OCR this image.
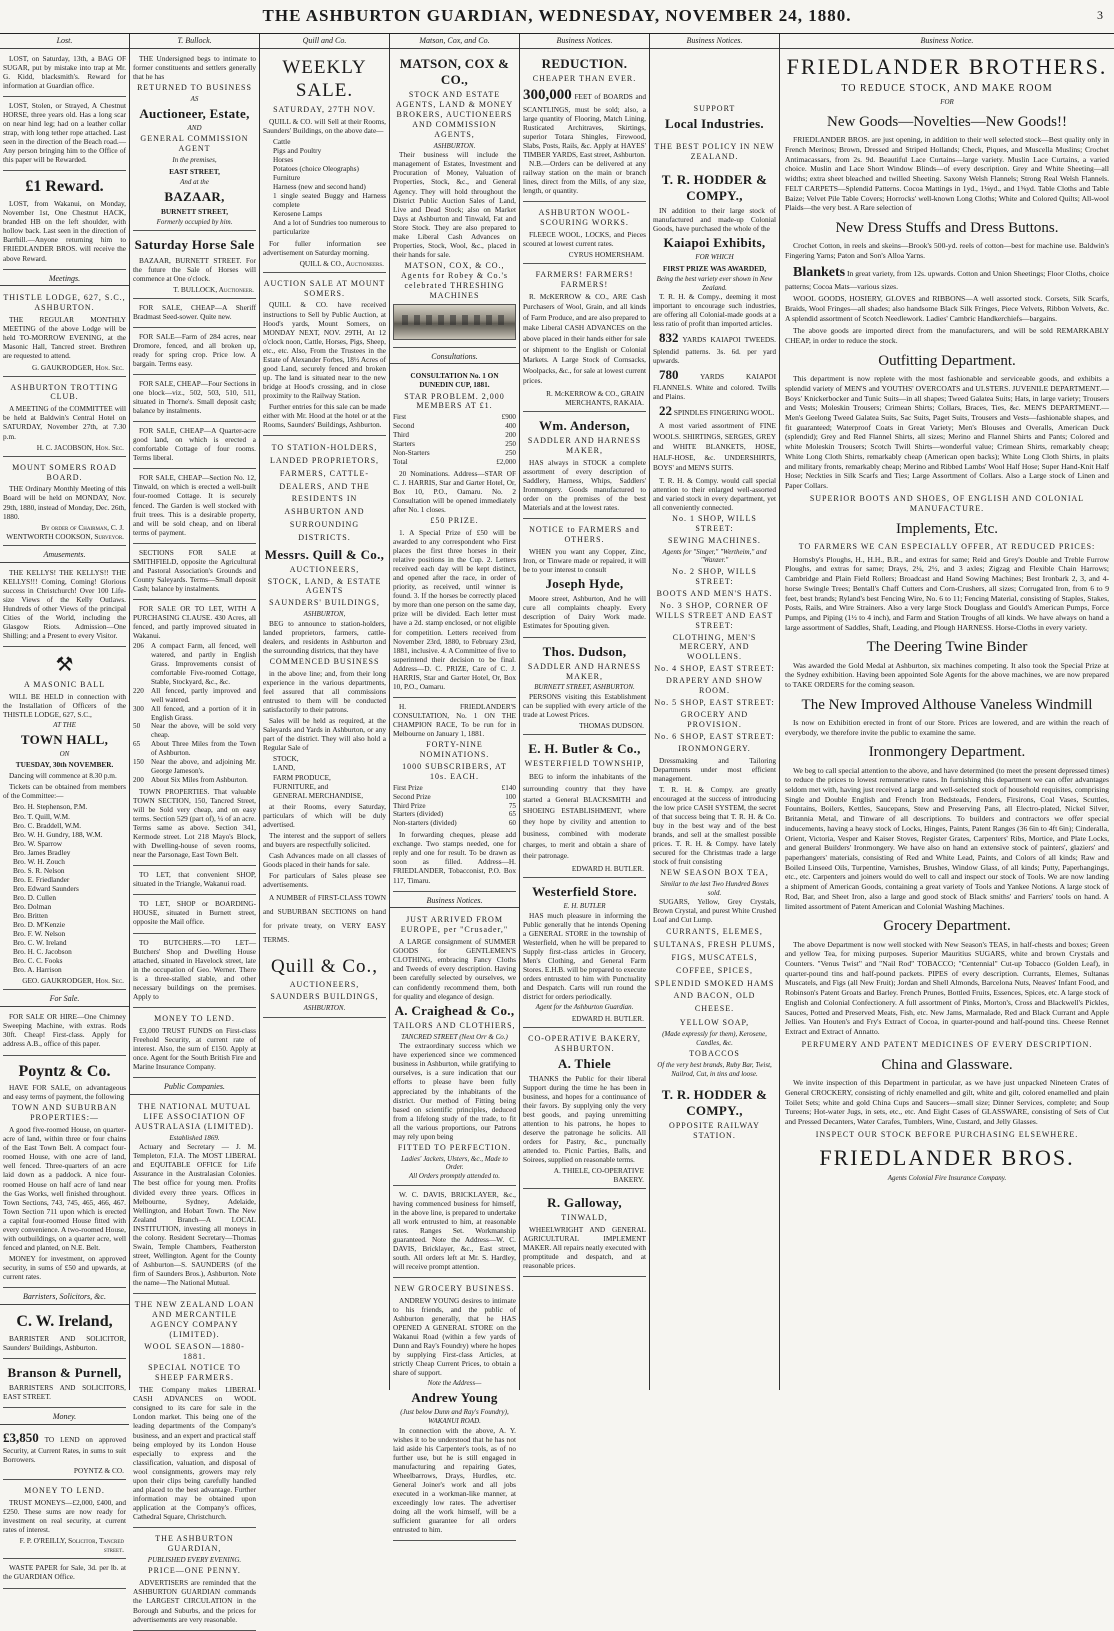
THE ASHBURTON GUARDIAN, WEDNESDAY, NOVEMBER 24, 1880.	3
Lost.

LOST, on Saturday, 13th, a BAG OF SUGAR, put by mistake into trap at Mr. G. Kidd, blacksmith's. Reward for information at Guardian office.

LOST, Stolen, or Strayed, A Chestnut HORSE, three years old. Has a long scar on near hind leg; had on a leather collar strap, with long tether rope attached. Last seen in the direction of the Beach road.—Any person bringing him to the Office of this paper will be Rewarded.

£1 Reward.

LOST, from Wakanui, on Monday, November 1st, One Chestnut HACK, branded HB on the left shoulder, with hollow back. Last seen in the direction of Barrhill.—Anyone returning him to FRIEDLANDER BROS. will receive the above Reward.

Meetings.
THISTLE LODGE, 627, S.C., ASHBURTON.

THE REGULAR MONTHLY MEETING of the above Lodge will be held TO-MORROW EVENING, at the Masonic Hall, Tancred street. Brethren are requested to attend.

G. GAUKRODGER, Hon. Sec.
ASHBURTON TROTTING CLUB.

A MEETING of the COMMITTEE will be held at Baldwin's Central Hotel on SATURDAY, November 27th, at 7.30 p.m.

H. C. JACOBSON, Hon. Sec.
MOUNT SOMERS ROAD BOARD.

THE Ordinary Monthly Meeting of this Board will be held on MONDAY, Nov. 29th, 1880, instead of Monday, Dec. 26th, 1880.

By order of Chairman, C. J. WENTWORTH COOKSON, Surveyor.
Amusements.

THE KELLYS! THE KELLYS!! THE KELLYS!!! Coming, Coming! Glorious success in Christchurch! Over 100 Life-size Views of the Kelly Outlaws. Hundreds of other Views of the principal Cities of the World, including the Glasgow Riots. Admission—One Shilling; and a Present to every Visitor.

⚒
A MASONIC BALL

WILL BE HELD in connection with the Installation of Officers of the THISTLE LODGE, 627, S.C.,

AT THE
TOWN HALL,
ON
TUESDAY, 30th NOVEMBER.

Dancing will commence at 8.30 p.m.

Tickets can be obtained from members of the Committee:—

Bro. H. Stephenson, P.M.
Bro. T. Quill, W.M.
Bro. C. Braddell, W.M.
Bro. W. H. Gundry, 188, W.M.
Bro. W. Sparrow
Bro. James Bradley
Bro. W. H. Zouch
Bro. S. R. Nelson
Bro. E. Friedlander
Bro. Edward Saunders
Bro. D. Cullen
Bro. Dolman
Bro. Britten
Bro. D. M'Kenzie
Bro. F. W. Nelson
Bro. C. W. Ireland
Bro. H. C. Jacobson
Bro. C. C. Fooks
Bro. A. Harrison
GEO. GAUKRODGER, Hon. Sec.
For Sale.

FOR SALE OR HIRE—One Chimney Sweeping Machine, with extras. Rods 30ft. Cheap! First-class. Apply for address A.B., office of this paper.

Poyntz & Co.

HAVE FOR SALE, on advantageous and easy terms of payment, the following

TOWN AND SUBURBAN PROPERTIES:—

A good five-roomed House, on quarter-acre of land, within three or four chains of the East Town Belt. A compact four-roomed House, with one acre of land, well fenced. Three-quarters of an acre laid down as a paddock. A nice four-roomed House on half acre of land near the Gas Works, well finished throughout. Town Sections, 743, 745, 465, 466, 467. Town Section 711 upon which is erected a capital four-roomed House fitted with every convenience. A two-roomed House, with outbuildings, on a quarter acre, well fenced and planted, on N.E. Belt.

MONEY for investment, on approved security, in sums of £50 and upwards, at current rates.

Barristers, Solicitors, &c.
C. W. Ireland,

BARRISTER AND SOLICITOR, Saunders' Buildings, Ashburton.

Branson & Purnell,

BARRISTERS AND SOLICITORS, EAST STREET.

Money.
£3,850 TO LEND on approved Security, at Current Rates, in sums to suit Borrowers.
POYNTZ & CO.
MONEY TO LEND.

TRUST MONEYS—£2,000, £400, and £250. These sums are now ready for investment on real security, at current rates of interest.

F. P. O'REILLY, Solicitor, Tancred street.

WASTE PAPER for Sale, 3d. per lb. at the GUARDIAN Office.

T. Bullock.

THE Undersigned begs to intimate to former constituents and settlers generally that he has

RETURNED TO BUSINESS
AS
Auctioneer, Estate,
AND
GENERAL COMMISSION AGENT
In the premises,
EAST STREET,
And at the
BAZAAR,
BURNETT STREET,
Formerly occupied by him.
Saturday Horse Sale

BAZAAR, BURNETT STREET. For the future the Sale of Horses will commence at One o'clock.

T. BULLOCK, Auctioneer.

FOR SALE, CHEAP—A Sheriff Bradmast Seed-sower. Quite new.

FOR SALE—Farm of 284 acres, near Dromore, fenced, and all broken up, ready for spring crop. Price low. A bargain. Terms easy.

FOR SALE, CHEAP—Four Sections in one block—viz., 502, 503, 510, 511, situated in Thorne's. Small deposit cash; balance by instalments.

FOR SALE, CHEAP—A Quarter-acre good land, on which is erected a comfortable Cottage of four rooms. Terms liberal.

FOR SALE, CHEAP—Section No. 12, Tinwald, on which is erected a well-built four-roomed Cottage. It is securely fenced. The Garden is well stocked with fruit trees. This is a desirable property, and will be sold cheap, and on liberal terms of payment.

SECTIONS FOR SALE at SMITHFIELD, opposite the Agricultural and Pastoral Association's Grounds and County Saleyards. Terms—Small deposit Cash; balance by instalments.

FOR SALE OR TO LET, WITH A PURCHASING CLAUSE. 430 Acres, all fenced, and partly improved situated in Wakanui.

206	A compact Farm, all fenced, well watered, and partly in English Grass. Improvements consist of comfortable Five-roomed Cottage, Stable, Stockyard, &c., &c.
220	All fenced, partly improved and well watered.
300	All fenced, and a portion of it in English Grass.
50	Near the above, will be sold very cheap.
65	About Three Miles from the Town of Ashburton.
150	Near the above, and adjoining Mr. George Jameson's.
200	About Six Miles from Ashburton.

TOWN PROPERTIES. That valuable TOWN SECTION, 150, Tancred Street, will be Sold very cheap, and on easy terms. Section 529 (part of), ¼ of an acre. Terms same as above. Section 341, Kermode street. Lot 218 Mayo's Block, with Dwelling-house of seven rooms, near the Parsonage, East Town Belt.

TO LET, that convenient SHOP, situated in the Triangle, Wakanui road.

TO LET, SHOP or BOARDING-HOUSE, situated in Burnett street, opposite the Mail office.

TO BUTCHERS.—TO LET—Butchers' Shop and Dwelling House attached, situated in Havelock street, late in the occupation of Geo. Werner. There is a three-stalled stable, and other necessary buildings on the premises. Apply to

MONEY TO LEND.

£3,000 TRUST FUNDS on First-class Freehold Security, at current rate of interest. Also, the sum of £150. Apply at once. Agent for the South British Fire and Marine Insurance Company.

Public Companies.
THE NATIONAL MUTUAL LIFE ASSOCIATION OF AUSTRALASIA (LIMITED).
Established 1869.

Actuary and Secretary — J. M. Templeton, F.I.A. The MOST LIBERAL and EQUITABLE OFFICE for Life Assurance in the Australasian Colonies. The best office for young men. Profits divided every three years. Offices in Melbourne, Sydney, Adelaide, Wellington, and Hobart Town. The New Zealand Branch—A LOCAL INSTITUTION, investing all moneys in the colony. Resident Secretary—Thomas Swain, Temple Chambers, Featherston street, Wellington. Agent for the County of Ashburton—S. SAUNDERS (of the firm of Saunders Bros.), Ashburton. Note the name—The National Mutual.

THE NEW ZEALAND LOAN AND MERCANTILE AGENCY COMPANY (LIMITED).
WOOL SEASON—1880-1881.
SPECIAL NOTICE TO SHEEP FARMERS.

THE Company makes LIBERAL CASH ADVANCES on WOOL consigned to its care for sale in the London market. This being one of the leading departments of the Company's business, and an expert and practical staff being employed by its London House especially to express and the classification, valuation, and disposal of wool consignments, growers may rely upon their clips being carefully handled and placed to the best advantage. Further information may be obtained upon application at the Company's offices, Cathedral Square, Christchurch.

THE ASHBURTON GUARDIAN,
PUBLISHED EVERY EVENING.
PRICE—ONE PENNY.

ADVERTISERS are reminded that the ASHBURTON GUARDIAN commands the LARGEST CIRCULATION in the Borough and Suburbs, and the prices for advertisements are very reasonable.

Quill and Co.
WEEKLY SALE.
SATURDAY, 27TH NOV.

QUILL & CO. will Sell at their Rooms, Saunders' Buildings, on the above date—

Cattle
Pigs and Poultry
Horses
Potatoes (choice Oleographs)
Furniture
Harness (new and second hand)
1 single seated Buggy and Harness complete
Kerosene Lamps
And a lot of Sundries too numerous to particularize

For fuller information see advertisement on Saturday morning.

QUILL & CO., Auctioneers.
AUCTION SALE AT MOUNT SOMERS.

QUILL & CO. have received instructions to Sell by Public Auction, at Hood's yards, Mount Somers, on MONDAY NEXT, NOV. 29TH, At 12 o'clock noon, Cattle, Horses, Pigs, Sheep, etc., etc. Also, From the Trustees in the Estate of Alexander Forbes, 18½ Acres of good Land, securely fenced and broken up. The land is situated near to the new bridge at Hood's crossing, and in close proximity to the Railway Station.

Further entries for this sale can be made either with Mr. Hood at the hotel or at the Rooms, Saunders' Buildings, Ashburton.

TO STATION-HOLDERS, LANDED PROPRIETORS, FARMERS, CATTLE-DEALERS, AND THE RESIDENTS IN ASHBURTON AND SURROUNDING DISTRICTS.
Messrs. Quill & Co.,
AUCTIONEERS,
STOCK, LAND, & ESTATE AGENTS
SAUNDERS' BUILDINGS,
ASHBURTON,

BEG to announce to station-holders, landed proprietors, farmers, cattle-dealers, and residents in Ashburton and the surrounding districts, that they have

COMMENCED BUSINESS

in the above line; and, from their long experience in the various departments, feel assured that all commissions entrusted to them will be conducted satisfactorily to their patrons.

Sales will be held as required, at the Saleyards and Yards in Ashburton, or any part of the district. They will also hold a Regular Sale of

STOCK,
LAND,
FARM PRODUCE,
FURNITURE, and
GENERAL MERCHANDISE,

at their Rooms, every Saturday, particulars of which will be duly advertised.

The interest and the support of sellers and buyers are respectfully solicited.

Cash Advances made on all classes of Goods placed in their hands for sale.

For particulars of Sales please see advertisements.

A NUMBER of FIRST-CLASS TOWN and SUBURBAN SECTIONS on hand for private treaty, on VERY EASY TERMS.

Quill & Co.,
AUCTIONEERS,
SAUNDERS BUILDINGS,
ASHBURTON.
Matson, Cox, and Co.
MATSON, COX & CO.,
STOCK AND ESTATE AGENTS, LAND & MONEY BROKERS, AUCTIONEERS AND COMMISSION AGENTS,
ASHBURTON.

Their business will include the management of Estates, Investment and Procuration of Money, Valuation of Properties, Stock, &c., and General Agency. They will hold throughout the District Public Auction Sales of Land, Live and Dead Stock; also on Market Days at Ashburton and Tinwald, Fat and Store Stock. They are also prepared to make Liberal Cash Advances on Properties, Stock, Wool, &c., placed in their hands for sale.

MATSON, COX, & CO., Agents for Robey & Co.'s celebrated THRESHING MACHINES
Consultations.
CONSULTATION No. 1 ON DUNEDIN CUP, 1881.
STAR PROBLEM. 2,000 MEMBERS AT £1.
First	£900
Second	400
Third	200
Starters	250
Non-Starters	250
Total	£2,000

20 Nominations. Address—STAR OF C. J. HARRIS, Star and Garter Hotel, Or, Box 10, P.O., Oamaru. No. 2 Consultation will be opened immediately after No. 1 closes.

£50 PRIZE.

1. A Special Prize of £50 will be awarded to any correspondent who First places the first three horses in their relative positions in the Cup. 2. Letters received each day will be kept distinct, and opened after the race, in order of priority, as received, until winner is found. 3. If the horses be correctly placed by more than one person on the same day, prize will be divided. Each letter must have a 2d. stamp enclosed, or not eligible for competition. Letters received from November 23rd, 1880, to February 23rd, 1881, inclusive. 4. A Committee of five to superintend their decision to be final. Address—D. C. PRIZE, Care of C. J. HARRIS, Star and Garter Hotel, Or, Box 10, P.O., Oamaru.

H. FRIEDLANDER'S CONSULTATION, No. 1 ON THE CHAMPION RACE, To be run for in Melbourne on January 1, 1881.

FORTY-NINE NOMINATIONS.
1000 SUBSCRIBERS, AT 10s. EACH.
First Prize	£140
Second Prize	100
Third Prize	75
Starters (divided)	65
Non-starters (divided)	60

In forwarding cheques, please add exchange. Two stamps needed, one for reply and one for result. To be drawn as soon as filled. Address—H. FRIEDLANDER, Tobacconist, P.O. Box 117, Timaru.

Business Notices.
JUST ARRIVED FROM EUROPE, per "Crusader,"

A LARGE consignment of SUMMER GOODS for GENTLEMEN'S CLOTHING, embracing Fancy Cloths and Tweeds of every description. Having been carefully selected by ourselves, we can confidently recommend them, both for quality and elegance of design.

A. Craighead & Co.,
TAILORS AND CLOTHIERS,
TANCRED STREET (Next Orr & Co.)

The extraordinary success which we have experienced since we commenced business in Ashburton, while gratifying to ourselves, is a sure indication that our efforts to please have been fully appreciated by the inhabitants of the district. Our method of Fitting being based on scientific principles, deduced from a lifelong study of the trade, to fit all the various proportions, our Patrons may rely upon being

FITTED TO PERFECTION.
Ladies' Jackets, Ulsters, &c., Made to Order.
All Orders promptly attended to.

W. C. DAVIS, BRICKLAYER, &c., having commenced business for himself, in the above line, is prepared to undertake all work entrusted to him, at reasonable rates. Ranges Set. Workmanship guaranteed. Note the Address—W. C. DAVIS, Bricklayer, &c., East street, south. All orders left at Mr. S. Hardley, will receive prompt attention.

NEW GROCERY BUSINESS.

ANDREW YOUNG desires to intimate to his friends, and the public of Ashburton generally, that he HAS OPENED A GENERAL STORE on the Wakanui Road (within a few yards of Dunn and Ray's Foundry) where he hopes by supplying First-class Articles, at strictly Cheap Current Prices, to obtain a share of support.

Note the Address—
Andrew Young
(Just below Dunn and Ray's Foundry), WAKANUI ROAD.

In connection with the above, A. Y. wishes it to be understood that he has not laid aside his Carpenter's tools, as of no further use, but he is still engaged in manufacturing and repairing Gates, Wheelbarrows, Drays, Hurdles, etc. General Joiner's work and all jobs executed in a workman-like manner, at exceedingly low rates. The advertiser doing all the work himself, will be a sufficient guarantee for all orders entrusted to him.

Business Notices.
REDUCTION.
CHEAPER THAN EVER.
300,000 FEET of BOARDS and SCANTLINGS, must be sold; also, a large quantity of Flooring, Match Lining, Rusticated Architraves, Skirtings, superior Totara Shingles, Firewood, Slabs, Posts, Rails, &c. Apply at HAYES' TIMBER YARDS, East street, Ashburton.

N.B.—Orders can be delivered at any railway station on the main or branch lines, direct from the Mills, of any size, length, or quantity.

ASHBURTON WOOL-SCOURING WORKS.

FLEECE WOOL, LOCKS, and Pieces scoured at lowest current rates.

CYRUS HOMERSHAM.
FARMERS! FARMERS! FARMERS!

R. McKERROW & CO., ARE Cash Purchasers of Wool, Grain, and all kinds of Farm Produce, and are also prepared to make Liberal CASH ADVANCES on the above placed in their hands either for sale or shipment to the English or Colonial Markets. A Large Stock of Cornsacks, Woolpacks, &c., for sale at lowest current prices.

R. McKERROW & CO., GRAIN MERCHANTS, RAKAIA.
Wm. Anderson,
SADDLER AND HARNESS MAKER,

HAS always in STOCK a complete assortment of every description of Saddlery, Harness, Whips, Saddlers' Ironmongery. Goods manufactured to order on the premises of the best Materials and at the lowest rates.

NOTICE to FARMERS and OTHERS.

WHEN you want any Copper, Zinc, Iron, or Tinware made or repaired, it will be to your interest to consult

Joseph Hyde,

Moore street, Ashburton, And he will cure all complaints cheaply. Every description of Dairy Work made. Estimates for Spouting given.

Thos. Dudson,
SADDLER AND HARNESS MAKER,
BURNETT STREET, ASHBURTON.

PERSONS visiting this Establishment can be supplied with every article of the trade at Lowest Prices.

THOMAS DUDSON.
E. H. Butler & Co.,
WESTERFIELD TOWNSHIP,

BEG to inform the inhabitants of the surrounding country that they have started a General BLACKSMITH and SHOEING ESTABLISHMENT, where they hope by civility and attention to business, combined with moderate charges, to merit and obtain a share of their patronage.

EDWARD H. BUTLER.
Westerfield Store.
E. H. BUTLER

HAS much pleasure in informing the Public generally that he intends Opening a GENERAL STORE in the township of Westerfield, when he will be prepared to Supply first-class articles in Grocery, Men's Clothing, and General Farm Stores. E.H.B. will be prepared to execute orders entrusted to him with Punctuality and Despatch. Carts will run round the district for orders periodically.

Agent for the Ashburton Guardian.
EDWARD H. BUTLER.
CO-OPERATIVE BAKERY, ASHBURTON.
A. Thiele

THANKS the Public for their liberal Support during the time he has been in business, and hopes for a continuance of their favors. By supplying only the very best goods, and paying unremitting attention to his patrons, he hopes to deserve the patronage he solicits. All orders for Pastry, &c., punctually attended to. Picnic Parties, Balls, and Soirees, supplied on reasonable terms.

A. THIELE, CO-OPERATIVE BAKERY.
R. Galloway,
TINWALD,

WHEELWRIGHT AND GENERAL AGRICULTURAL IMPLEMENT MAKER. All repairs neatly executed with promptitude and despatch, and at reasonable prices.

Business Notices.
SUPPORT
Local Industries.
THE BEST POLICY IN NEW ZEALAND.
T. R. HODDER & COMPY.,

IN addition to their large stock of manufactured and made-up Colonial Goods, have purchased the whole of the

Kaiapoi Exhibits,
FOR WHICH
FIRST PRIZE WAS AWARDED,
Being the best variety ever shown in New Zealand.

T. R. H. & Compy., deeming it most important to encourage such industries, are offering all Colonial-made goods at a less ratio of profit than imported articles.

832 YARDS KAIAPOI TWEEDS. Splendid patterns. 3s. 6d. per yard upwards.

780	YARDS KAIAPOI FLANNELS. White and colored. Twills and Plains.

22 SPINDLES FINGERING WOOL.

A most varied assortment of FINE WOOLS. SHIRTINGS, SERGES, GREY and WHITE BLANKETS, HOSE, HALF-HOSE, &c. UNDERSHIRTS, BOYS' and MEN'S SUITS.

T. R. H. & Compy. would call special attention to their enlarged well-assorted and varied stock in every department, yet all conveniently connected.

No. 1 SHOP, WILLS STREET:
SEWING MACHINES.
Agents for "Singer," "Wertheim," and "Wanzer."
No. 2 SHOP, WILLS STREET:
BOOTS AND MEN'S HATS.
No. 3 SHOP, CORNER OF WILLS STREET AND EAST STREET:
CLOTHING, MEN'S MERCERY, AND WOOLLENS.
No. 4 SHOP, EAST STREET:
DRAPERY AND SHOW ROOM.
No. 5 SHOP, EAST STREET:
GROCERY AND PROVISION.
No. 6 SHOP, EAST STREET:
IRONMONGERY.

Dressmaking and Tailoring Departments under most efficient management.

T. R. H. & Compy. are greatly encouraged at the success of introducing the low price CASH SYSTEM, the secret of that success being that T. R. H. & Co. buy in the best way and of the best brands, and sell at the smallest possible prices. T. R. H. & Compy. have lately secured for the Christmas trade a large stock of fruit consisting

NEW SEASON BOX TEA,
Similar to the last Two Hundred Boxes sold.

SUGARS, Yellow, Grey Crystals, Brown Crystal, and purest White Crushed Loaf and Cut Lump.

CURRANTS, ELEMES, SULTANAS, FRESH PLUMS, FIGS, MUSCATELS, COFFEE, SPICES, SPLENDID SMOKED HAMS AND BACON, OLD CHEESE.
YELLOW SOAP,
(Made expressly for them), Kerosene, Candles, &c.
TOBACCOS
Of the very best brands, Ruby Bar, Twist, Nailrod, Cut, in tins and loose.
T. R. HODDER & COMPY.,
OPPOSITE RAILWAY STATION.
Business Notice.
FRIEDLANDER BROTHERS.
TO REDUCE STOCK, AND MAKE ROOM
FOR
New Goods—Novelties—New Goods!!

FRIEDLANDER BROS. are just opening, in addition to their well selected stock—Best quality only in French Merinos; Brown, Dressed and Striped Hollands; Check, Piques, and Muscella Muslins; Crochet Antimacassars, from 2s. 9d. Beautiful Lace Curtains—large variety. Muslin Lace Curtains, a varied choice. Muslin and Lace Short Window Blinds—of every description. Grey and White Sheeting—all widths; extra sheet bleached and twilled Sheeting. Saxony Welsh Flannels; Strong Real Welsh Flannels. FELT CARPETS—Splendid Patterns. Cocoa Mattings in 1yd., 1⅛yd., and 1⅝yd. Table Cloths and Table Baize; Velvet Pile Table Covers; Horrocks' well-known Long Cloths; White and Colored Quilts; All-wool Plaids—the very best. A Rare selection of

New Dress Stuffs and Dress Buttons.

Crochet Cotton, in reels and skeins—Brook's 500-yd. reels of cotton—best for machine use. Baldwin's Fingering Yarns; Paton and Son's Alloa Yarns.

Blankets In great variety, from 12s. upwards. Cotton and Union Sheetings; Floor Cloths, choice patterns; Cocoa Mats—various sizes.

WOOL GOODS, HOSIERY, GLOVES and RIBBONS—A well assorted stock. Corsets, Silk Scarfs, Braids, Wool Fringes—all shades; also handsome Black Silk Fringes, Piece Velvets, Ribbon Velvets, &c. A splendid assortment of Scotch Needlework. Ladies' Cambric Handkerchiefs—bargains.

The above goods are imported direct from the manufacturers, and will be sold REMARKABLY CHEAP, in order to reduce the stock.

Outfitting Department.

This department is now replete with the most fashionable and serviceable goods, and exhibits a splendid variety of MEN'S and YOUTHS' OVERCOATS and ULSTERS. JUVENILE DEPARTMENT.—Boys' Knickerbocker and Tunic Suits—in all shapes; Tweed Galatea Suits; Hats, in large variety; Trousers and Vests; Moleskin Trousers; Crimean Shirts; Collars, Braces, Ties, &c. MEN'S DEPARTMENT.—Men's Geelong Tweed Galatea Suits, Sac Suits, Paget Suits, Trousers and Vests—fashionable shapes, and fit guaranteed; Waterproof Coats in Great Variety; Men's Blouses and Overalls, American Duck (splendid); Grey and Red Flannel Shirts, all sizes; Merino and Flannel Shirts and Pants; Colored and white Moleskin Trousers; Scotch Twill Shirts—wonderful value; Crimean Shirts, remarkably cheap; White Long Cloth Shirts, remarkably cheap (American open backs); White Long Cloth Shirts, in plaits and military fronts, remarkably cheap; Merino and Ribbed Lambs' Wool Half Hose; Super Hand-Knit Half Hose; Neckties in Silk Scarfs and Ties; Large Assortment of Collars. Also a Large stock of Linen and Paper Collars.

SUPERIOR BOOTS AND SHOES, OF ENGLISH AND COLONIAL MANUFACTURE.
Implements, Etc.
TO FARMERS WE CAN ESPECIALLY OFFER, AT REDUCED PRICES:

Hornsby's Ploughs, H., H.H., B.R., and extras for same; Reid and Grey's Double and Treble Furrow Ploughs, and extras for same; Drays, 2¼, 2½, and 3 axles; Zigzag and Flexible Chain Harrows; Cambridge and Plain Field Rollers; Broadcast and Hand Sowing Machines; Best Ironbark 2, 3, and 4-horse Swingle Trees; Bentall's Chaff Cutters and Corn-Crushers, all sizes; Corrugated Iron, from 6 to 9 feet, best brands; Ryland's best Fencing Wire, No. 6 to 11; Fencing Material, consisting of Staples, Stakes, Posts, Rails, and Wire Strainers. Also a very large Stock Douglass and Gould's American Pumps, Force Pumps, and Piping (1½ to 4 inch), and Farm and Station Troughs of all kinds. We have always on hand a large assortment of Saddles, Shaft, Leading, and Plough HARNESS. Horse-Cloths in every variety.

The Deering Twine Binder

Was awarded the Gold Medal at Ashburton, six machines competing. It also took the Special Prize at the Sydney exhibition. Having been appointed Sole Agents for the above machines, we are now prepared to TAKE ORDERS for the coming season.

The New Improved Althouse Vaneless Windmill

Is now on Exhibition erected in front of our Store. Prices are lowered, and are within the reach of everybody, we therefore invite the public to examine the same.

Ironmongery Department.

We beg to call special attention to the above, and have determined (to meet the present depressed times) to reduce the prices to lowest remunerative rates. In furnishing this department we can offer advantages seldom met with, having just received a large and well-selected stock of household requisites, comprising Single and Double English and French Iron Bedsteads, Fenders, Firsirons, Coal Vases, Scuttles, Fountains, Boilers, Kettles, Saucepans, Stew and Preserving Pans, all Electro-plated, Nickel Silver, Britannia Metal, and Tinware of all descriptions. To builders and contractors we offer special inducements, having a heavy stock of Locks, Hinges, Paints, Patent Ranges (36 6in to 4ft 6in); Cinderalla, Orient, Victoria, Vesper and Kaiser Stoves, Register Grates, Carpenters' Ribs, Mortice, and Plate Locks, and general Builders' Ironmongery. We have also on hand an extensive stock of painters', glaziers' and paperhangers' materials, consisting of Red and White Lead, Paints, and Colors of all kinds; Raw and Boiled Linseed Oils, Turpentine, Varnishes, Brushes, Window Glass, of all kinds; Putty, Paperhangings, etc., etc. Carpenters and joiners would do well to call and inspect our stock of Tools. We are now landing a shipment of American Goods, containing a great variety of Tools and Yankee Notions. A large stock of Rod, Bar, and Sheet Iron, also a large and good stock of Black smiths' and Farriers' tools on hand. A limited assortment of Patent American and Colonial Washing Machines.

Grocery Department.

The above Department is now well stocked with New Season's TEAS, in half-chests and boxes; Green and yellow Tea, for mixing purposes. Superior Mauritius SUGARS, white and brown Crystals and Counters. "Venus Twist" and "Nail Rod" TOBACCO; "Centennial" Cut-up Tobacco (Golden Leaf), in quarter-pound tins and half-pound packets. PIPES of every description. Currants, Elemes, Sultanas Muscatels, and Figs (all New Fruit); Jordan and Shell Almonds, Barcelona Nuts, Neaves' Infant Food, and Robinson's Patent Groats and Barley. French Prunes, Bottled Fruits, Essences, Spices, etc. A large stock of English and Colonial Confectionery. A full assortment of Pinks, Morton's, Cross and Blackwell's Pickles, Sauces, Potted and Preserved Meats, Fish, etc. New Jams, Marmalade, Red and Black Currant and Apple Jellies. Van Houten's and Fry's Extract of Cocoa, in quarter-pound and half-pound tins. Cheese Rennet Extract and Extract of Annatto.

PERFUMERY AND PATENT MEDICINES OF EVERY DESCRIPTION.
China and Glassware.

We invite inspection of this Department in particular, as we have just unpacked Nineteen Crates of General CROCKERY, consisting of richly enamelled and gilt, white and gilt, colored enamelled and plain Toilet Sets; white and gold China Cups and Saucers—small size; Dinner Services, complete; and Soup Tureens; Hot-water Jugs, in sets, etc., etc. And Eight Cases of GLASSWARE, consisting of Sets of Cut and Pressed Decanters, Water Carafes, Tumblers, Wine, Custard, and Jelly Glasses.

INSPECT OUR STOCK BEFORE PURCHASING ELSEWHERE.
FRIEDLANDER BROS.
Agents Colonial Fire Insurance Company.
